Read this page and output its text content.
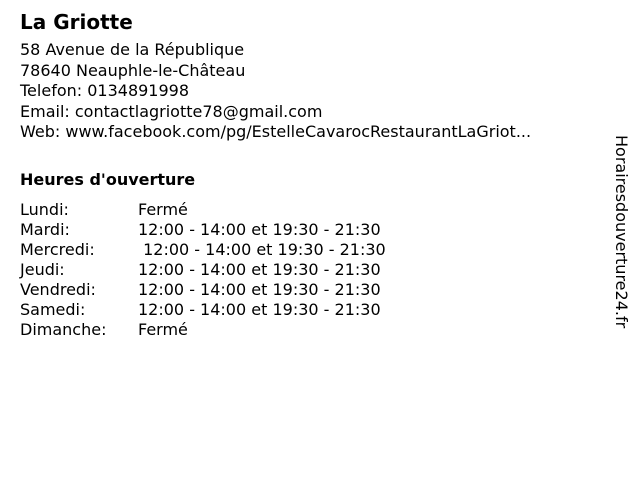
La Griotte
58 Avenue de la République
78640 Neauphle-le-Château
Telefon: 0134891998
Email: contactlagriotte78@gmail.com
Web: www.facebook.com/pg/EstelleCavarocRestaurantLaGriot...
Heures d'ouverture
Lundi:	Fermé
Mardi:	12:00 - 14:00 et 19:30 - 21:30
Mercredi:	12:00 - 14:00 et 19:30 - 21:30
Jeudi:	12:00 - 14:00 et 19:30 - 21:30
Vendredi:	12:00 - 14:00 et 19:30 - 21:30
Samedi:	12:00 - 14:00 et 19:30 - 21:30
Dimanche:	Fermé
Horairesdouverture24.fr
